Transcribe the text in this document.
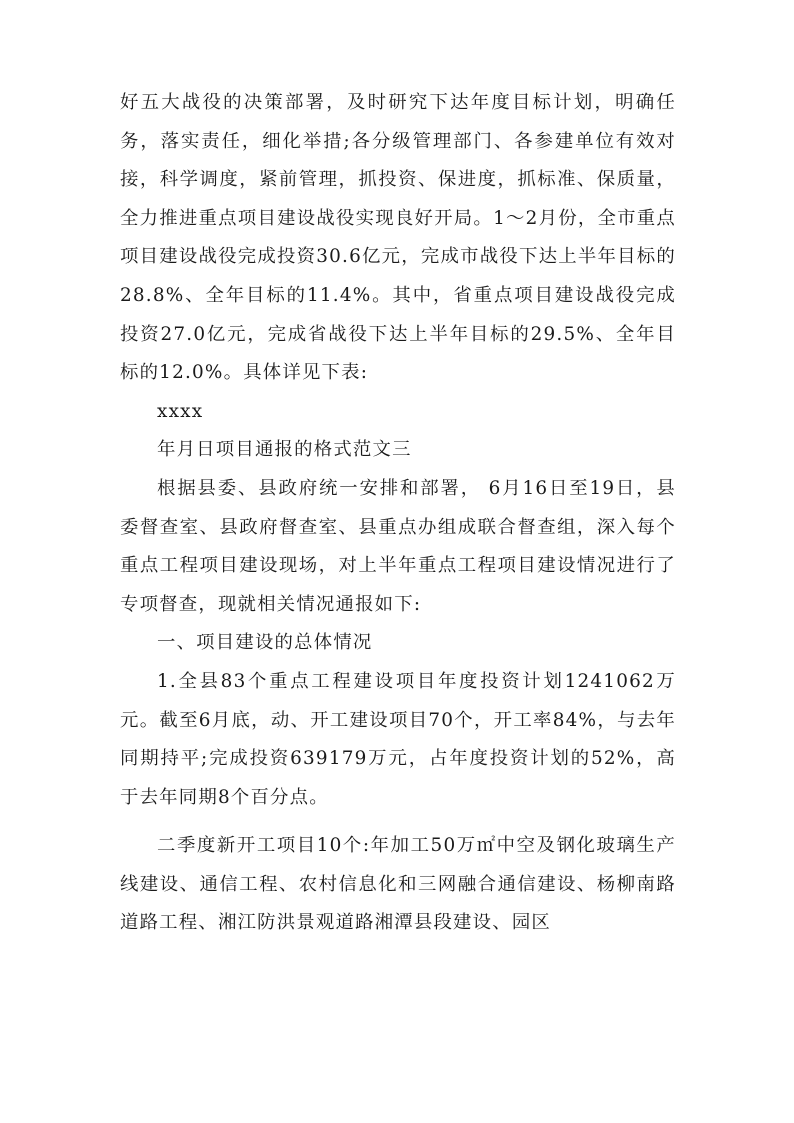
好五大战役的决策部署，及时研究下达年度目标计划，明确任务，落实责任，细化举措;各分级管理部门、各参建单位有效对接，科学调度，紧前管理，抓投资、保进度，抓标准、保质量，全力推进重点项目建设战役实现良好开局。1～2月份，全市重点项目建设战役完成投资30.6亿元，完成市战役下达上半年目标的28.8%、全年目标的11.4%。其中，省重点项目建设战役完成投资27.0亿元，完成省战役下达上半年目标的29.5%、全年目标的12.0%。具体详见下表:

xxxx

年月日项目通报的格式范文三

根据县委、县政府统一安排和部署， 6月16日至19日，县委督查室、县政府督查室、县重点办组成联合督查组，深入每个重点工程项目建设现场，对上半年重点工程项目建设情况进行了专项督查，现就相关情况通报如下:

一、项目建设的总体情况

1.全县83个重点工程建设项目年度投资计划1241062万元。截至6月底，动、开工建设项目70个，开工率84%，与去年同期持平;完成投资639179万元，占年度投资计划的52%，高于去年同期8个百分点。

二季度新开工项目10个:年加工50万㎡中空及钢化玻璃生产线建设、通信工程、农村信息化和三网融合通信建设、杨柳南路道路工程、湘江防洪景观道路湘潭县段建设、园区
